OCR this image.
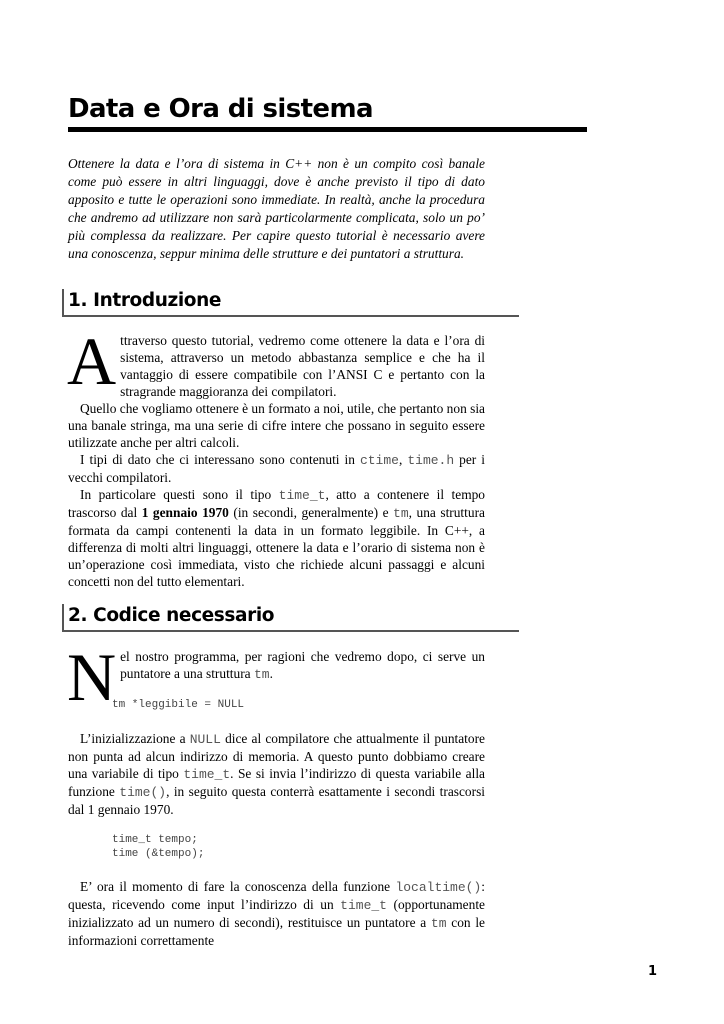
Data e Ora di sistema

Ottenere la data e l’ora di sistema in C++ non è un compito così banale come può essere in altri linguaggi, dove è anche previsto il tipo di dato apposito e tutte le operazioni sono immediate. In realtà, anche la procedura che andremo ad utilizzare non sarà particolarmente complicata, solo un po’ più complessa da realizzare. Per capire questo tutorial è necessario avere una conoscenza, seppur minima delle strutture e dei puntatori a struttura.

1. Introduzione

Attraverso questo tutorial, vedremo come ottenere la data e l’ora di sistema, attraverso un metodo abbastanza semplice e che ha il vantaggio di essere compatibile con l’ANSI C e pertanto con la stragrande maggioranza dei compilatori.

Quello che vogliamo ottenere è un formato a noi, utile, che pertanto non sia una banale stringa, ma una serie di cifre intere che possano in seguito essere utilizzate anche per altri calcoli.

I tipi di dato che ci interessano sono contenuti in ctime, time.h per i vecchi compilatori.

In particolare questi sono il tipo time_t, atto a contenere il tempo trascorso dal 1 gennaio 1970 (in secondi, generalmente) e tm, una struttura formata da campi contenenti la data in un formato leggibile. In C++, a differenza di molti altri linguaggi, ottenere la data e l’orario di sistema non è un’operazione così immediata, visto che richiede alcuni passaggi e alcuni concetti non del tutto elementari.

2. Codice necessario

Nel nostro programma, per ragioni che vedremo dopo, ci serve un puntatore a una struttura tm.

tm *leggibile = NULL

L’inizializzazione a NULL dice al compilatore che attualmente il puntatore non punta ad alcun indirizzo di memoria. A questo punto dobbiamo creare una variabile di tipo time_t. Se si invia l’indirizzo di questa variabile alla funzione time(), in seguito questa conterrà esattamente i secondi trascorsi dal 1 gennaio 1970.

time_t tempo;
time (&tempo);

E’ ora il momento di fare la conoscenza della funzione localtime(): questa, ricevendo come input l’indirizzo di un time_t (opportunamente inizializzato ad un numero di secondi), restituisce un puntatore a tm con le informazioni correttamente

1
